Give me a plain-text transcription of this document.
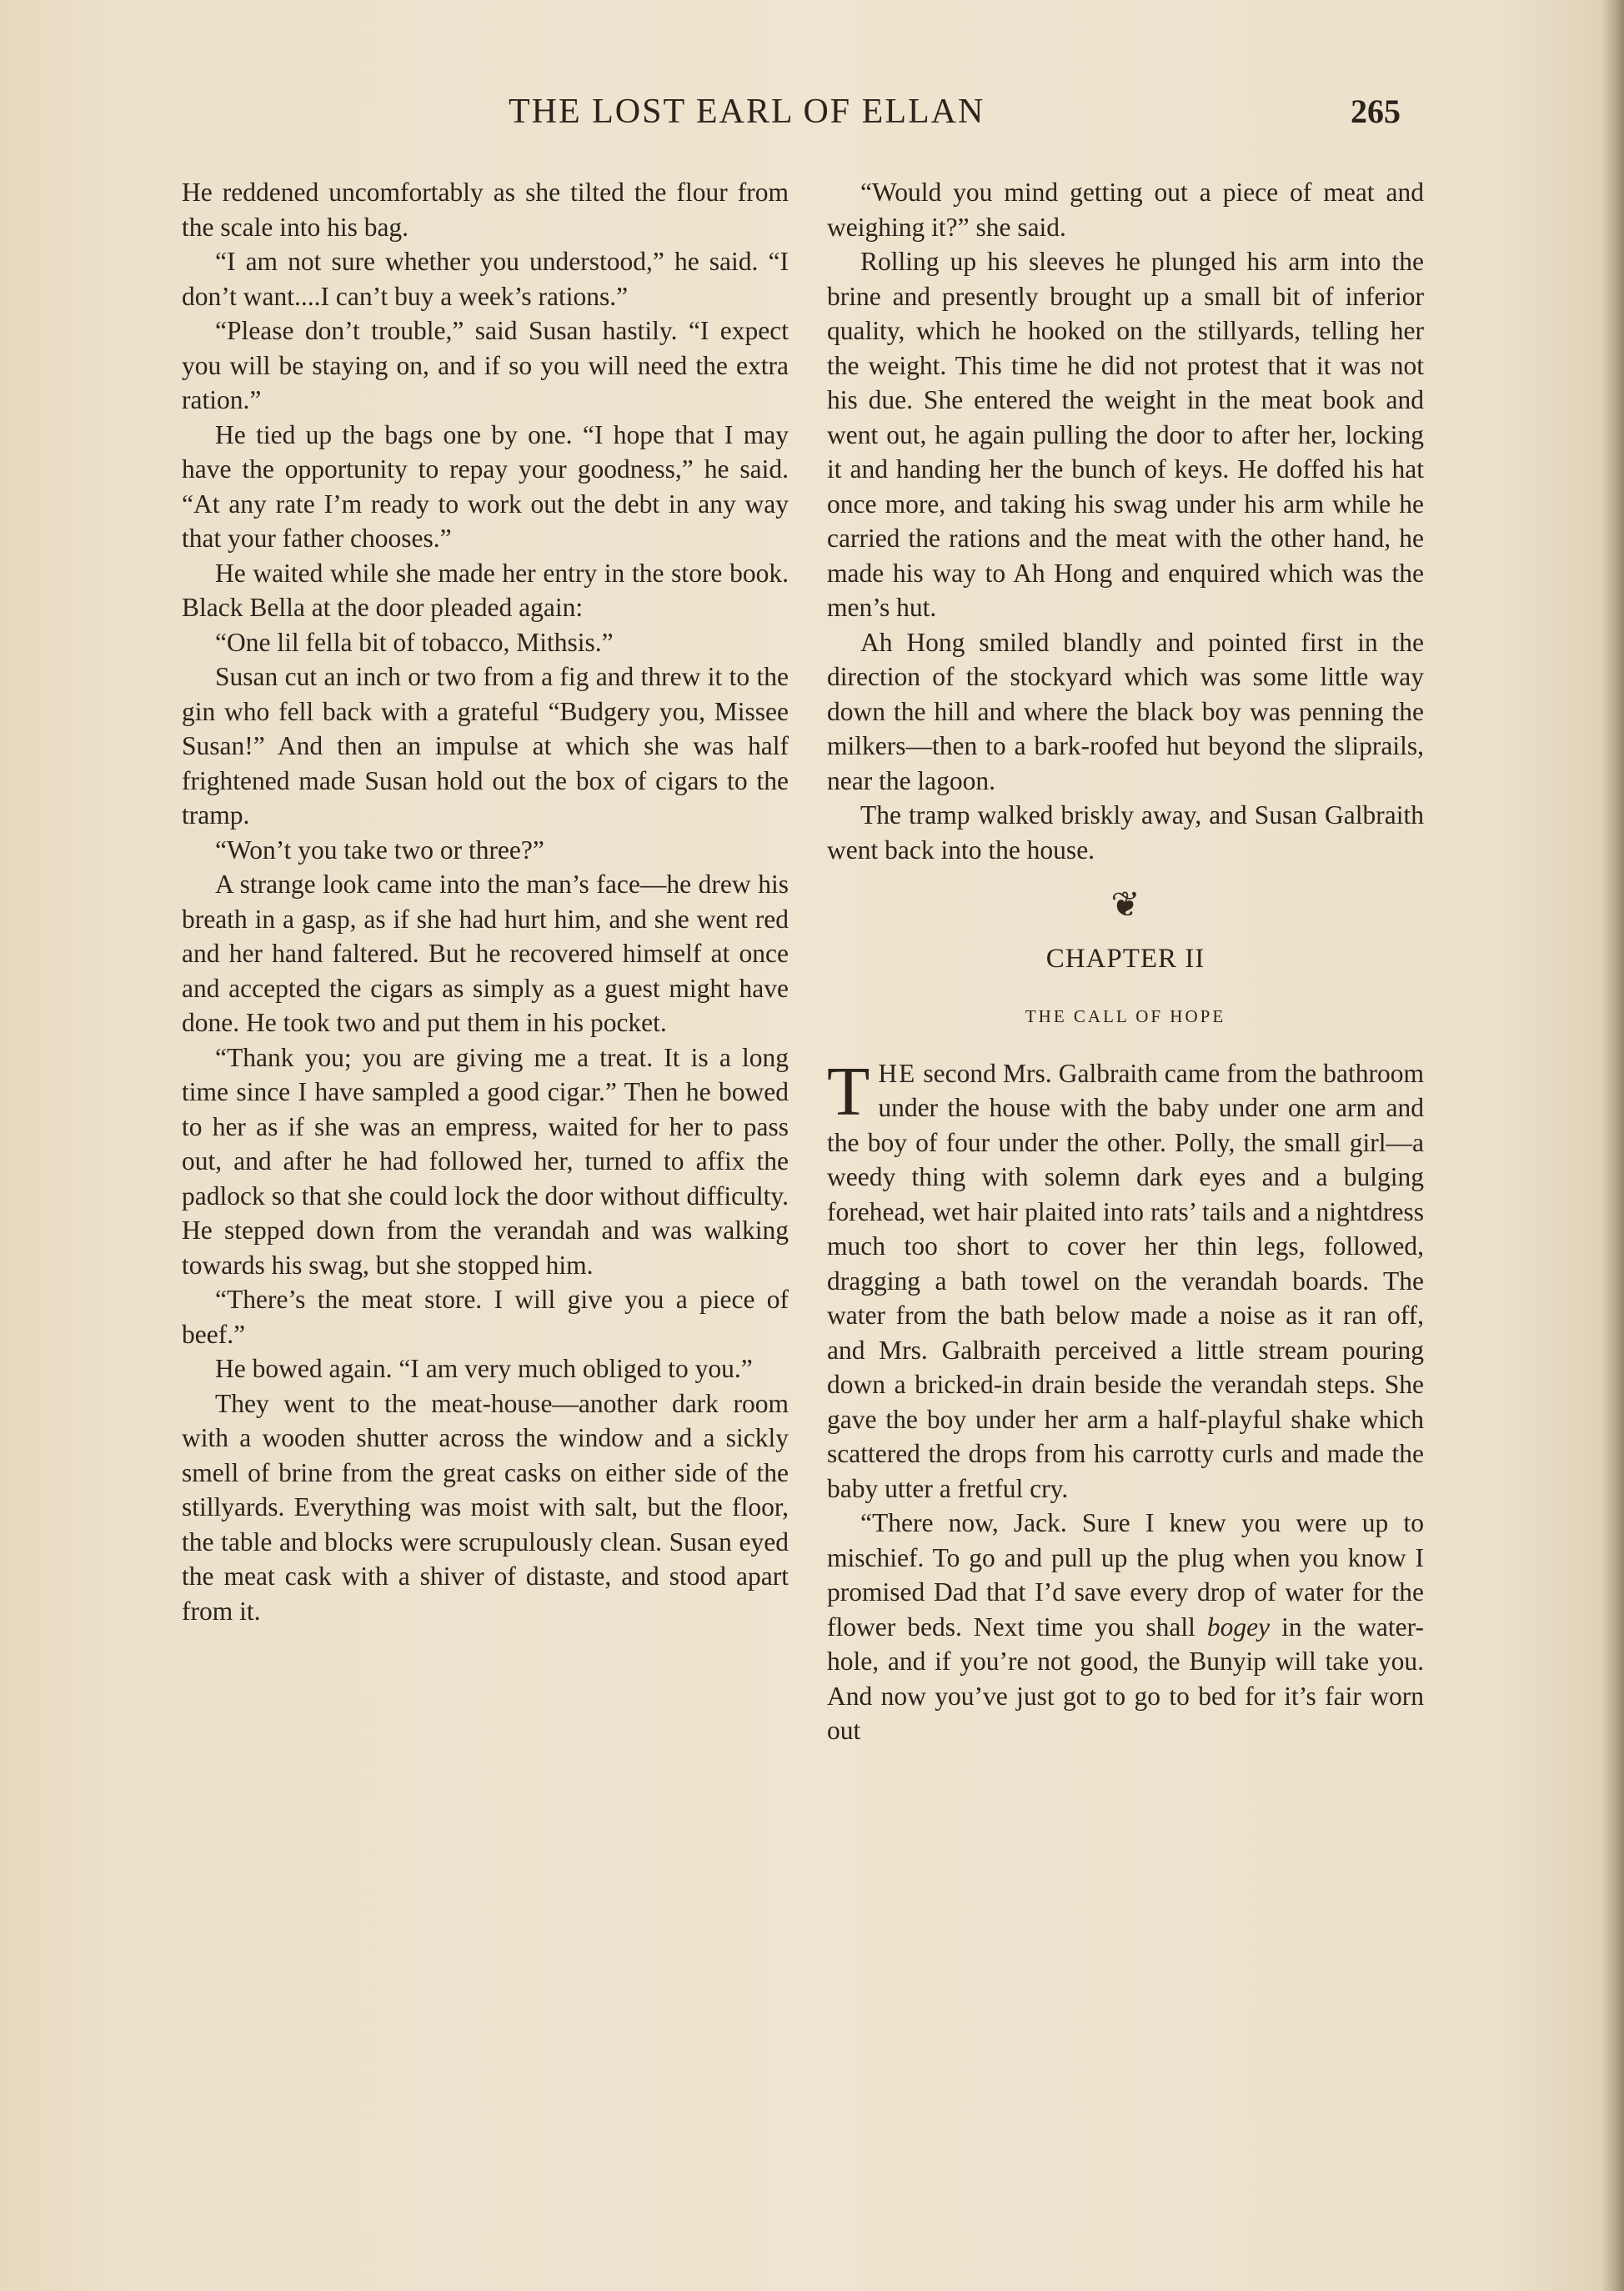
THE LOST EARL OF ELLAN	265

He reddened uncomfortably as she tilted the flour from the scale into his bag.

“I am not sure whether you understood,” he said. “I don’t want....I can’t buy a week’s rations.”

“Please don’t trouble,” said Susan hastily. “I expect you will be staying on, and if so you will need the extra ration.”

He tied up the bags one by one. “I hope that I may have the opportunity to repay your goodness,” he said. “At any rate I’m ready to work out the debt in any way that your father chooses.”

He waited while she made her entry in the store book. Black Bella at the door pleaded again:

“One lil fella bit of tobacco, Mithsis.”

Susan cut an inch or two from a fig and threw it to the gin who fell back with a grateful “Budgery you, Missee Susan!” And then an impulse at which she was half frightened made Susan hold out the box of cigars to the tramp.

“Won’t you take two or three?”

A strange look came into the man’s face—he drew his breath in a gasp, as if she had hurt him, and she went red and her hand faltered. But he recovered himself at once and accepted the cigars as simply as a guest might have done. He took two and put them in his pocket.

“Thank you; you are giving me a treat. It is a long time since I have sampled a good cigar.” Then he bowed to her as if she was an empress, waited for her to pass out, and after he had followed her, turned to affix the padlock so that she could lock the door without difficulty. He stepped down from the verandah and was walking towards his swag, but she stopped him.

“There’s the meat store. I will give you a piece of beef.”

He bowed again. “I am very much obliged to you.”

They went to the meat-house—another dark room with a wooden shutter across the window and a sickly smell of brine from the great casks on either side of the stillyards. Everything was moist with salt, but the floor, the table and blocks were scrupulously clean. Susan eyed the meat cask with a shiver of distaste, and stood apart from it.

“Would you mind getting out a piece of meat and weighing it?” she said.

Rolling up his sleeves he plunged his arm into the brine and presently brought up a small bit of inferior quality, which he hooked on the stillyards, telling her the weight. This time he did not protest that it was not his due. She entered the weight in the meat book and went out, he again pulling the door to after her, locking it and handing her the bunch of keys. He doffed his hat once more, and taking his swag under his arm while he carried the rations and the meat with the other hand, he made his way to Ah Hong and enquired which was the men’s hut.

Ah Hong smiled blandly and pointed first in the direction of the stockyard which was some little way down the hill and where the black boy was penning the milkers—then to a bark-roofed hut beyond the sliprails, near the lagoon.

The tramp walked briskly away, and Susan Galbraith went back into the house.

❦
CHAPTER II
THE CALL OF HOPE

THE second Mrs. Galbraith came from the bathroom under the house with the baby under one arm and the boy of four under the other. Polly, the small girl—a weedy thing with solemn dark eyes and a bulging forehead, wet hair plaited into rats’ tails and a nightdress much too short to cover her thin legs, followed, dragging a bath towel on the verandah boards. The water from the bath below made a noise as it ran off, and Mrs. Galbraith perceived a little stream pouring down a bricked-in drain beside the verandah steps. She gave the boy under her arm a half-playful shake which scattered the drops from his carrotty curls and made the baby utter a fretful cry.

“There now, Jack. Sure I knew you were up to mischief. To go and pull up the plug when you know I promised Dad that I’d save every drop of water for the flower beds. Next time you shall bogey in the water-hole, and if you’re not good, the Bunyip will take you. And now you’ve just got to go to bed for it’s fair worn out
